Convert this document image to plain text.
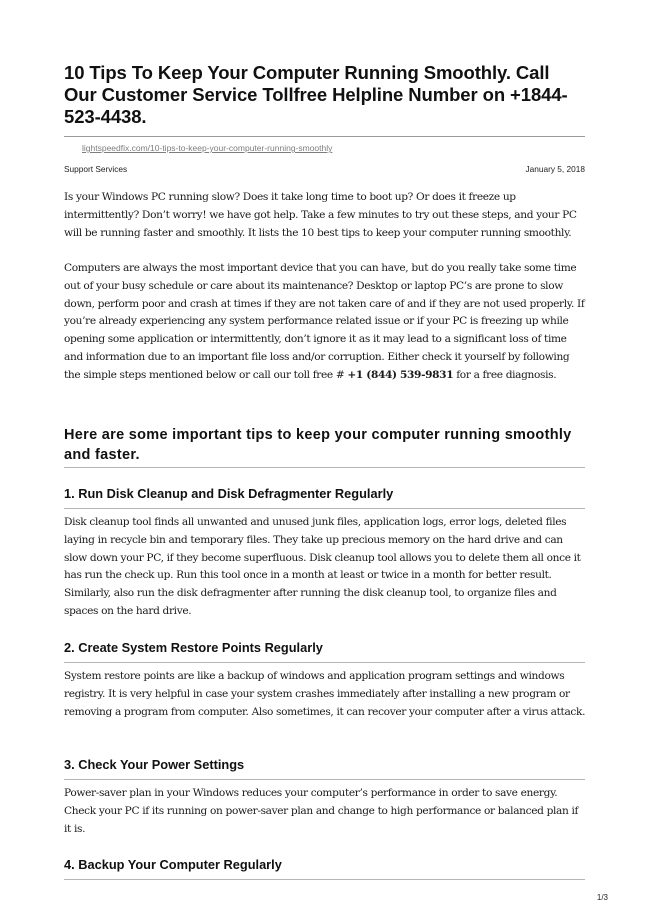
10 Tips To Keep Your Computer Running Smoothly. Call Our Customer Service Tollfree Helpline Number on +1844-523-4438.
lightspeedfix.com/10-tips-to-keep-your-computer-running-smoothly
Support Services	January 5, 2018

Is your Windows PC running slow? Does it take long time to boot up? Or does it freeze up intermittently? Don’t worry! we have got help. Take a few minutes to try out these steps, and your PC will be running faster and smoothly. It lists the 10 best tips to keep your computer running smoothly.

Computers are always the most important device that you can have, but do you really take some time out of your busy schedule or care about its maintenance? Desktop or laptop PC’s are prone to slow down, perform poor and crash at times if they are not taken care of and if they are not used properly. If you’re already experiencing any system performance related issue or if your PC is freezing up while opening some application or intermittently, don’t ignore it as it may lead to a significant loss of time and information due to an important file loss and/or corruption. Either check it yourself by following the simple steps mentioned below or call our toll free # +1 (844) 539-9831 for a free diagnosis.

Here are some important tips to keep your computer running smoothly and faster.
1. Run Disk Cleanup and Disk Defragmenter Regularly

Disk cleanup tool finds all unwanted and unused junk files, application logs, error logs, deleted files laying in recycle bin and temporary files. They take up precious memory on the hard drive and can slow down your PC, if they become superfluous. Disk cleanup tool allows you to delete them all once it has run the check up. Run this tool once in a month at least or twice in a month for better result. Similarly, also run the disk defragmenter after running the disk cleanup tool, to organize files and spaces on the hard drive.

2. Create System Restore Points Regularly

System restore points are like a backup of windows and application program settings and windows registry. It is very helpful in case your system crashes immediately after installing a new program or removing a program from computer. Also sometimes, it can recover your computer after a virus attack.

3. Check Your Power Settings

Power-saver plan in your Windows reduces your computer’s performance in order to save energy. Check your PC if its running on power-saver plan and change to high performance or balanced plan if it is.

4. Backup Your Computer Regularly
1/3
